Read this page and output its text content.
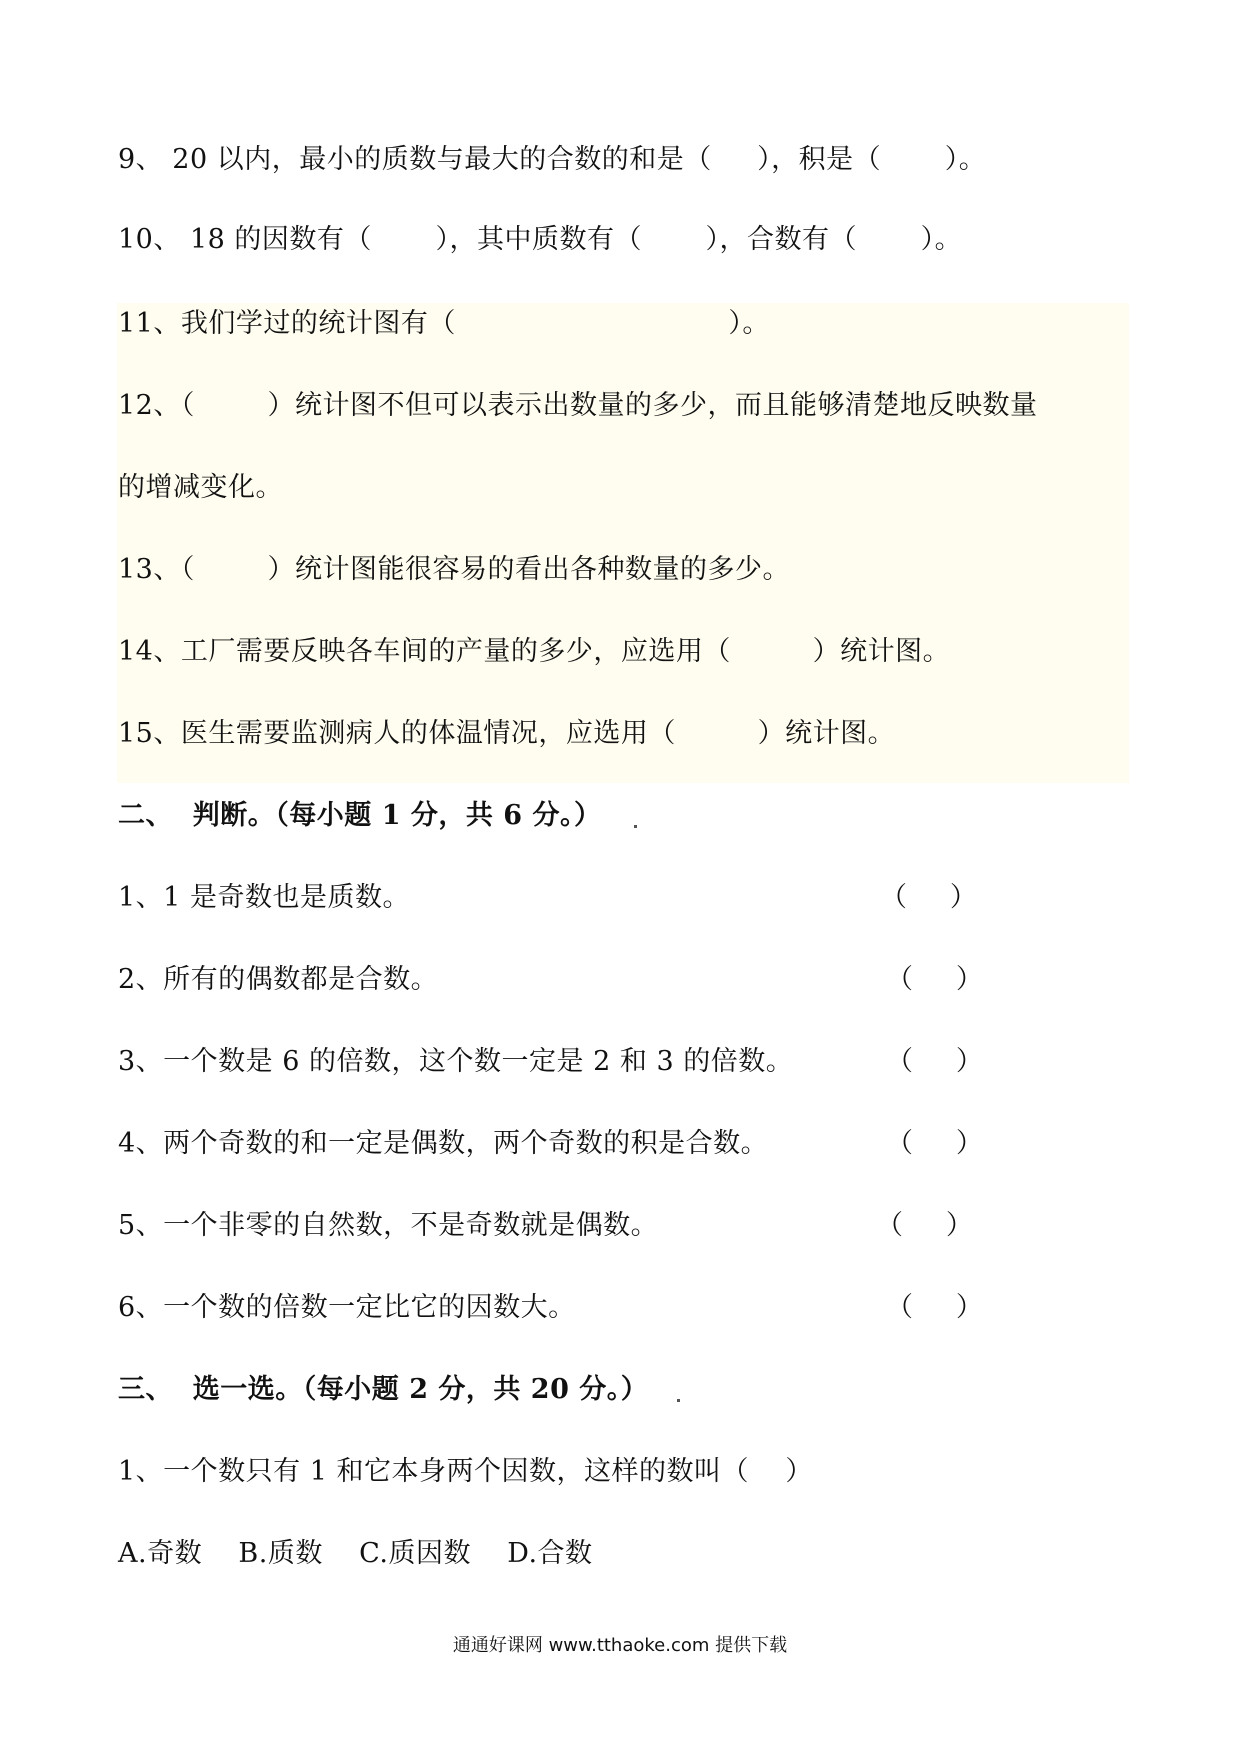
9、 20 以内，最小的质数与最大的合数的和是（     ），积是（       ）。
10、 18 的因数有（       ），其中质数有（       ），合数有（       ）。
11、我们学过的统计图有（                              ）。
12、（        ）统计图不但可以表示出数量的多少，而且能够清楚地反映数量
的增减变化。
13、（        ）统计图能很容易的看出各种数量的多少。
14、工厂需要反映各车间的产量的多少，应选用（         ）统计图。
15、医生需要监测病人的体温情况，应选用（         ）统计图。
二、  判断。（每小题 1 分，共 6 分。）
1、1 是奇数也是质数。	（     ）
2、所有的偶数都是合数。	（     ）
3、一个数是 6 的倍数，这个数一定是 2 和 3 的倍数。	（     ）
4、两个奇数的和一定是偶数，两个奇数的积是合数。	（     ）
5、一个非零的自然数，不是奇数就是偶数。	（     ）
6、一个数的倍数一定比它的因数大。	（     ）
三、  选一选。（每小题 2 分，共 20 分。）
1、一个数只有 1 和它本身两个因数，这样的数叫（    ）
A.奇数    B.质数    C.质因数    D.合数
通通好课网 www.tthaoke.com 提供下载
